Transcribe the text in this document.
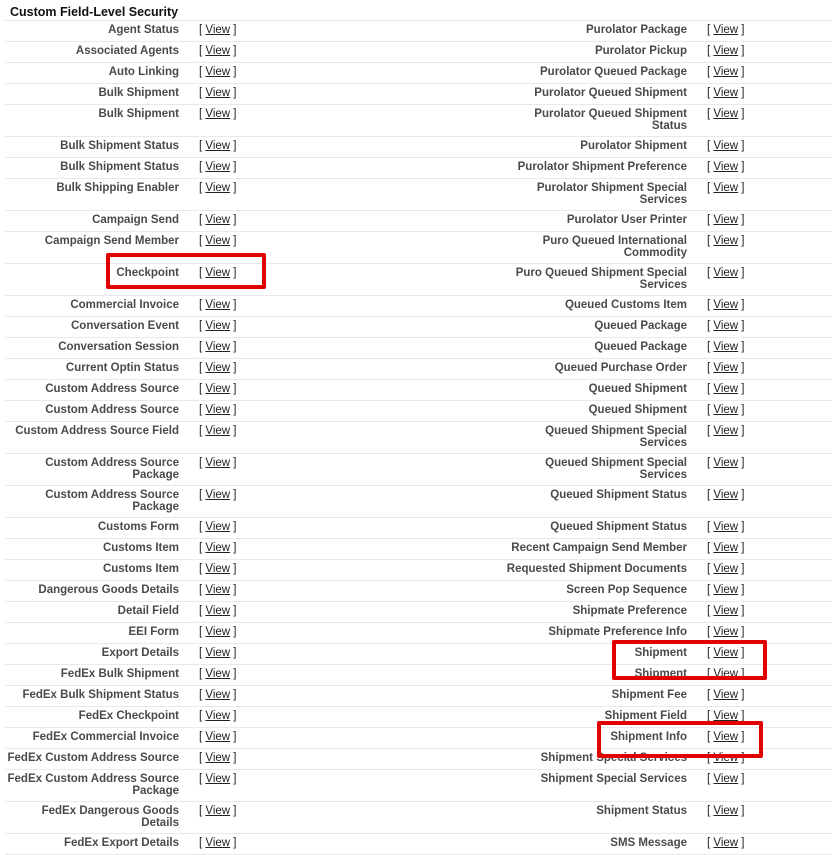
Custom Field-Level Security
Agent Status	[ View ]	Purolator Package	[ View ]
Associated Agents	[ View ]	Purolator Pickup	[ View ]
Auto Linking	[ View ]	Purolator Queued Package	[ View ]
Bulk Shipment	[ View ]	Purolator Queued Shipment	[ View ]
Bulk Shipment	[ View ]	Purolator Queued Shipment Status	[ View ]
Bulk Shipment Status	[ View ]	Purolator Shipment	[ View ]
Bulk Shipment Status	[ View ]	Purolator Shipment Preference	[ View ]
Bulk Shipping Enabler	[ View ]	Purolator Shipment Special Services	[ View ]
Campaign Send	[ View ]	Purolator User Printer	[ View ]
Campaign Send Member	[ View ]	Puro Queued International Commodity	[ View ]
Checkpoint	[ View ]	Puro Queued Shipment Special Services	[ View ]
Commercial Invoice	[ View ]	Queued Customs Item	[ View ]
Conversation Event	[ View ]	Queued Package	[ View ]
Conversation Session	[ View ]	Queued Package	[ View ]
Current Optin Status	[ View ]	Queued Purchase Order	[ View ]
Custom Address Source	[ View ]	Queued Shipment	[ View ]
Custom Address Source	[ View ]	Queued Shipment	[ View ]
Custom Address Source Field	[ View ]	Queued Shipment Special Services	[ View ]
Custom Address Source Package	[ View ]	Queued Shipment Special Services	[ View ]
Custom Address Source Package	[ View ]	Queued Shipment Status	[ View ]
Customs Form	[ View ]	Queued Shipment Status	[ View ]
Customs Item	[ View ]	Recent Campaign Send Member	[ View ]
Customs Item	[ View ]	Requested Shipment Documents	[ View ]
Dangerous Goods Details	[ View ]	Screen Pop Sequence	[ View ]
Detail Field	[ View ]	Shipmate Preference	[ View ]
EEI Form	[ View ]	Shipmate Preference Info	[ View ]
Export Details	[ View ]	Shipment	[ View ]
FedEx Bulk Shipment	[ View ]	Shipment	[ View ]
FedEx Bulk Shipment Status	[ View ]	Shipment Fee	[ View ]
FedEx Checkpoint	[ View ]	Shipment Field	[ View ]
FedEx Commercial Invoice	[ View ]	Shipment Info	[ View ]
FedEx Custom Address Source	[ View ]	Shipment Special Services	[ View ]
FedEx Custom Address Source Package	[ View ]	Shipment Special Services	[ View ]
FedEx Dangerous Goods Details	[ View ]	Shipment Status	[ View ]
FedEx Export Details	[ View ]	SMS Message	[ View ]
